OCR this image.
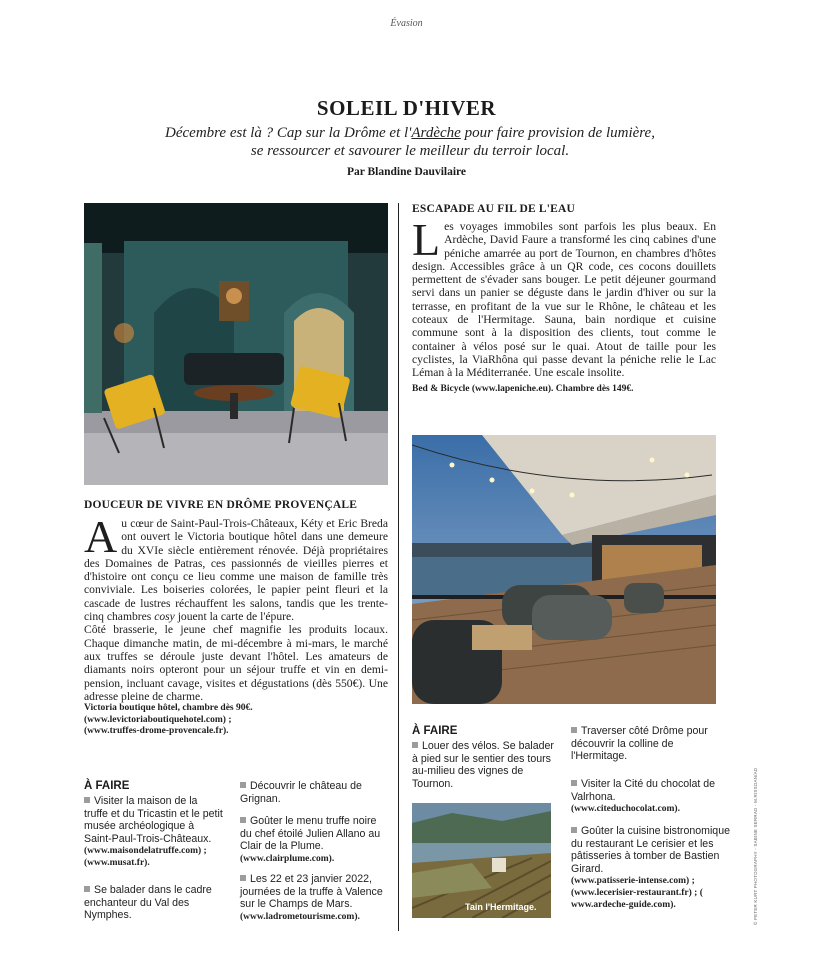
Évasion
SOLEIL D'HIVER
Décembre est là ? Cap sur la Drôme et l'Ardèche pour faire provision de lumière,
se ressourcer et savourer le meilleur du terroir local.
Par Blandine Dauvilaire
DOUCEUR DE VIVRE EN DRÔME PROVENÇALE
Au cœur de Saint-Paul-Trois-Châteaux, Kéty et Eric Breda ont ouvert le Victoria boutique hôtel dans une demeure du XVIe siècle entièrement rénovée. Déjà propriétaires des Domaines de Patras, ces passionnés de vieilles pierres et d'histoire ont conçu ce lieu comme une maison de famille très conviviale. Les boiseries colorées, le papier peint fleuri et la cascade de lustres réchauffent les salons, tandis que les trente-cinq chambres cosy jouent la carte de l'épure.
Côté brasserie, le jeune chef magnifie les produits locaux. Chaque dimanche matin, de mi-décembre à mi-mars, le marché aux truffes se déroule juste devant l'hôtel. Les amateurs de diamants noirs opteront pour un séjour truffe et vin en demi-pension, incluant cavage, visites et dégustations (dès 550€). Une adresse pleine de charme.
Victoria boutique hôtel, chambre dès 90€.
(www.levictoriaboutiquehotel.com) ;
(www.truffes-drome-provencale.fr).
À FAIRE
Visiter la maison de la truffe et du Tricastin et le petit musée archéologique à Saint-Paul-Trois-Châteaux.
(www.maisondelatruffe.com) ; (www.musat.fr).
Se balader dans le cadre enchanteur du Val des Nymphes.
Découvrir le château de Grignan.
Goûter le menu truffe noire du chef étoilé Julien Allano au Clair de la Plume.
(www.clairplume.com).
Les 22 et 23 janvier 2022, journées de la truffe à Valence sur le Champs de Mars.
(www.ladrometourisme.com).
ESCAPADE AU FIL DE L'EAU
Les voyages immobiles sont parfois les plus beaux. En Ardèche, David Faure a transformé les cinq cabines d'une péniche amarrée au port de Tournon, en chambres d'hôtes design. Accessibles grâce à un QR code, ces cocons douillets permettent de s'évader sans bouger. Le petit déjeuner gourmand servi dans un panier se déguste dans le jardin d'hiver ou sur la terrasse, en profitant de la vue sur le Rhône, le château et les coteaux de l'Hermitage. Sauna, bain nordique et cuisine commune sont à la disposition des clients, tout comme le container à vélos posé sur le quai. Atout de taille pour les cyclistes, la ViaRhôna qui passe devant la péniche relie le Lac Léman à la Méditerranée. Une escale insolite.
Bed & Bicycle (www.lapeniche.eu). Chambre dès 149€.
À FAIRE
Louer des vélos. Se balader à pied sur le sentier des tours au-milieu des vignes de Tournon.
Tain l'Hermitage.
Traverser côté Drôme pour découvrir la colline de l'Hermitage.
Visiter la Cité du chocolat de Valrhona.
(www.citeduchocolat.com).
Goûter la cuisine bistronomique du restaurant Le cerisier et les pâtisseries à tomber de Bastien Girard.
(www.patisserie-intense.com) ; (www.lecerisier-restaurant.fr) ; ( www.ardeche-guide.com).	© PETER KURT PHOTOGRAPHY - SABINE SERRAD - M.RISSOAN/AD
